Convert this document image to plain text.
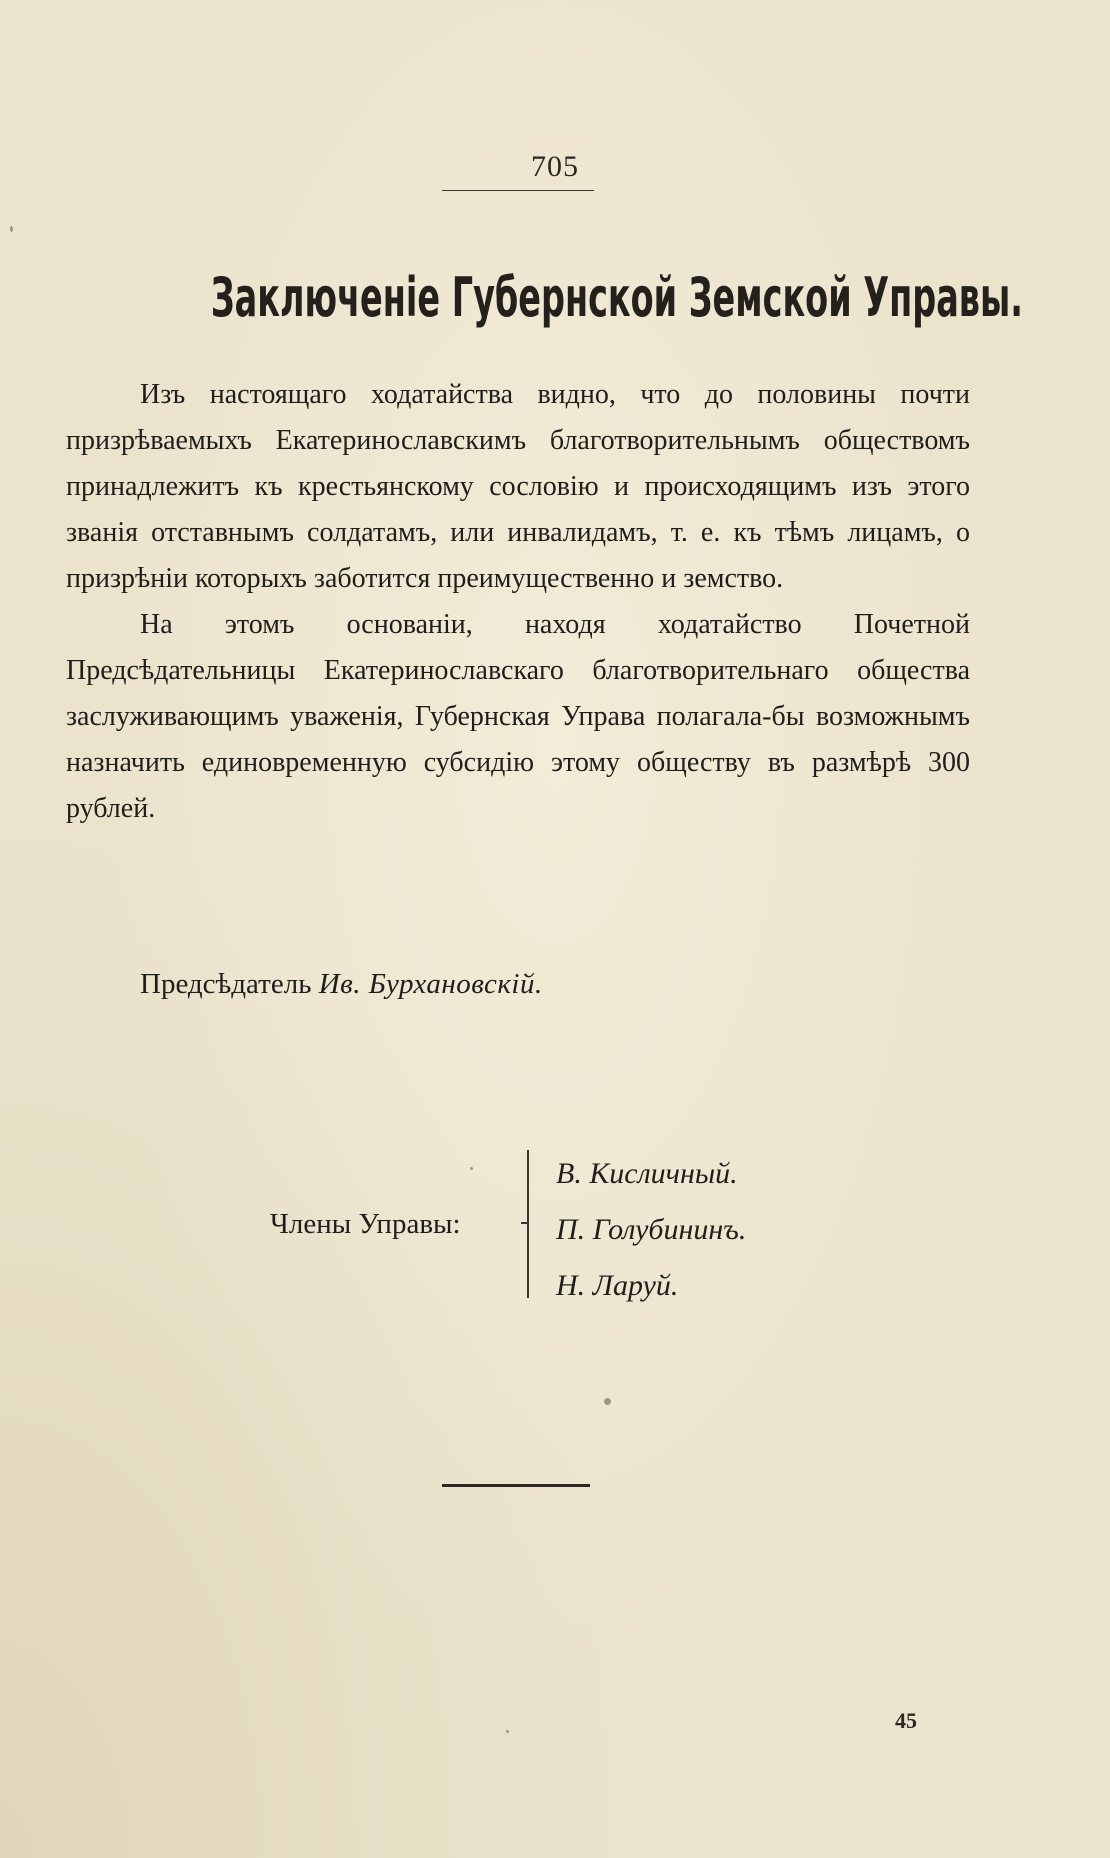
705
Заключенiе Губернской Земской Управы.

Изъ настоящаго ходатайства видно, что до половины почти призрѣваемыхъ Екатеринославскимъ благотворительнымъ обществомъ принадлежитъ къ крестьянскому сословiю и происходящимъ изъ этого званiя отставнымъ солдатамъ, или инвалидамъ, т. е. къ тѣмъ лицамъ, о призрѣнiи которыхъ заботится преимущественно и земство.

На этомъ основанiи, находя ходатайство Почетной Предсѣдательницы Екатеринославскаго благотворительнаго общества заслуживающимъ уваженiя, Губернская Управа полагала-бы возможнымъ назначить единовременную субсидiю этому обществу въ размѣрѣ 300 рублей.

Предсѣдатель Ив. Бурхановскiй.
Члены Управы:
В. Кисличный.
П. Голубининъ.
Н. Ларуй.
45
